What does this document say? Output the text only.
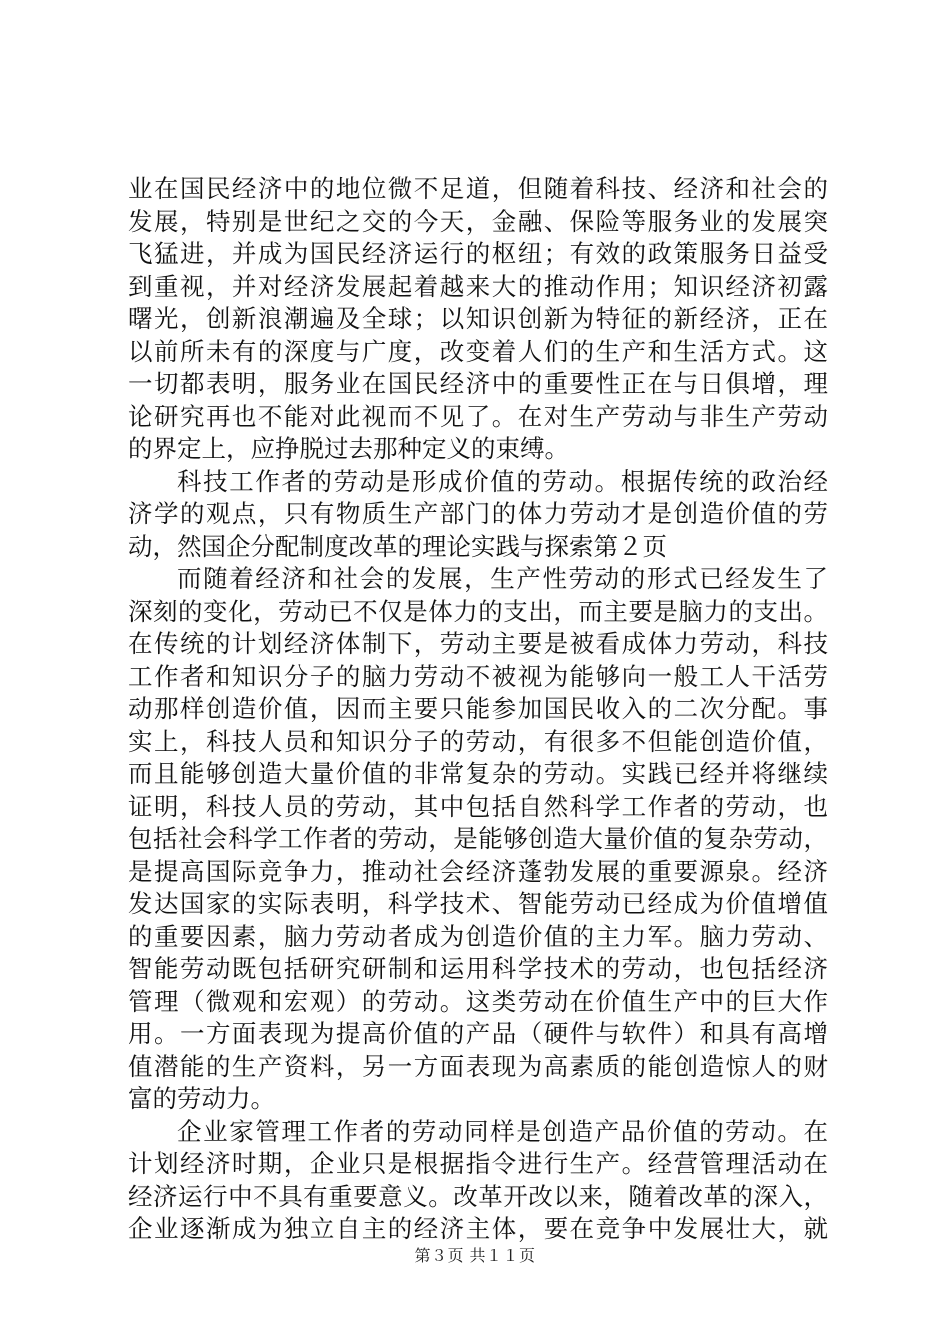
业在国民经济中的地位微不足道，但随着科技、经济和社会的
发展，特别是世纪之交的今天，金融、保险等服务业的发展突
飞猛进，并成为国民经济运行的枢纽；有效的政策服务日益受
到重视，并对经济发展起着越来大的推动作用；知识经济初露
曙光，创新浪潮遍及全球；以知识创新为特征的新经济，正在
以前所未有的深度与广度，改变着人们的生产和生活方式。这
一切都表明，服务业在国民经济中的重要性正在与日俱增，理
论研究再也不能对此视而不见了。在对生产劳动与非生产劳动
的界定上，应挣脱过去那种定义的束缚。
科技工作者的劳动是形成价值的劳动。根据传统的政治经
济学的观点，只有物质生产部门的体力劳动才是创造价值的劳
动，然国企分配制度改革的理论实践与探索第２页
而随着经济和社会的发展，生产性劳动的形式已经发生了
深刻的变化，劳动已不仅是体力的支出，而主要是脑力的支出。
在传统的计划经济体制下，劳动主要是被看成体力劳动，科技
工作者和知识分子的脑力劳动不被视为能够向一般工人干活劳
动那样创造价值，因而主要只能参加国民收入的二次分配。事
实上，科技人员和知识分子的劳动，有很多不但能创造价值，
而且能够创造大量价值的非常复杂的劳动。实践已经并将继续
证明，科技人员的劳动，其中包括自然科学工作者的劳动，也
包括社会科学工作者的劳动，是能够创造大量价值的复杂劳动，
是提高国际竞争力，推动社会经济蓬勃发展的重要源泉。经济
发达国家的实际表明，科学技术、智能劳动已经成为价值增值
的重要因素，脑力劳动者成为创造价值的主力军。脑力劳动、
智能劳动既包括研究研制和运用科学技术的劳动，也包括经济
管理（微观和宏观）的劳动。这类劳动在价值生产中的巨大作
用。一方面表现为提高价值的产品（硬件与软件）和具有高增
值潜能的生产资料，另一方面表现为高素质的能创造惊人的财
富的劳动力。
企业家管理工作者的劳动同样是创造产品价值的劳动。在
计划经济时期，企业只是根据指令进行生产。经营管理活动在
经济运行中不具有重要意义。改革开改以来，随着改革的深入，
企业逐渐成为独立自主的经济主体，要在竞争中发展壮大，就
第３页 共１１页
